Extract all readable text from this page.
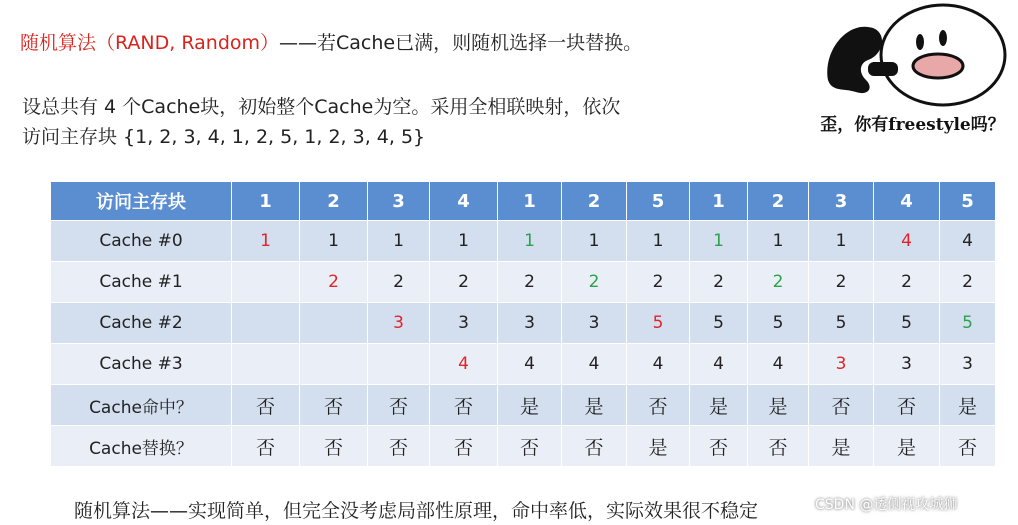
随机算法（RAND, Random）——若Cache已满，则随机选择一块替换。
设总共有 4 个Cache块，初始整个Cache为空。采用全相联映射，依次
访问主存块 {1, 2, 3, 4, 1, 2, 5, 1, 2, 3, 4, 5}
歪，你有freestyle吗？
访问主存块	1	2	3	4	1	2	5	1	2	3	4	5
Cache #0	1	1	1	1	1	1	1	1	1	1	4	4
Cache #1		2	2	2	2	2	2	2	2	2	2	2
Cache #2			3	3	3	3	5	5	5	5	5	5
Cache #3				4	4	4	4	4	4	3	3	3
Cache命中？	否	否	否	否	是	是	否	是	是	否	否	是
Cache替换？	否	否	否	否	否	否	是	否	否	是	是	否
随机算法——实现简单，但完全没考虑局部性原理，命中率低，实际效果很不稳定	CSDN @透侧视攻城狮
